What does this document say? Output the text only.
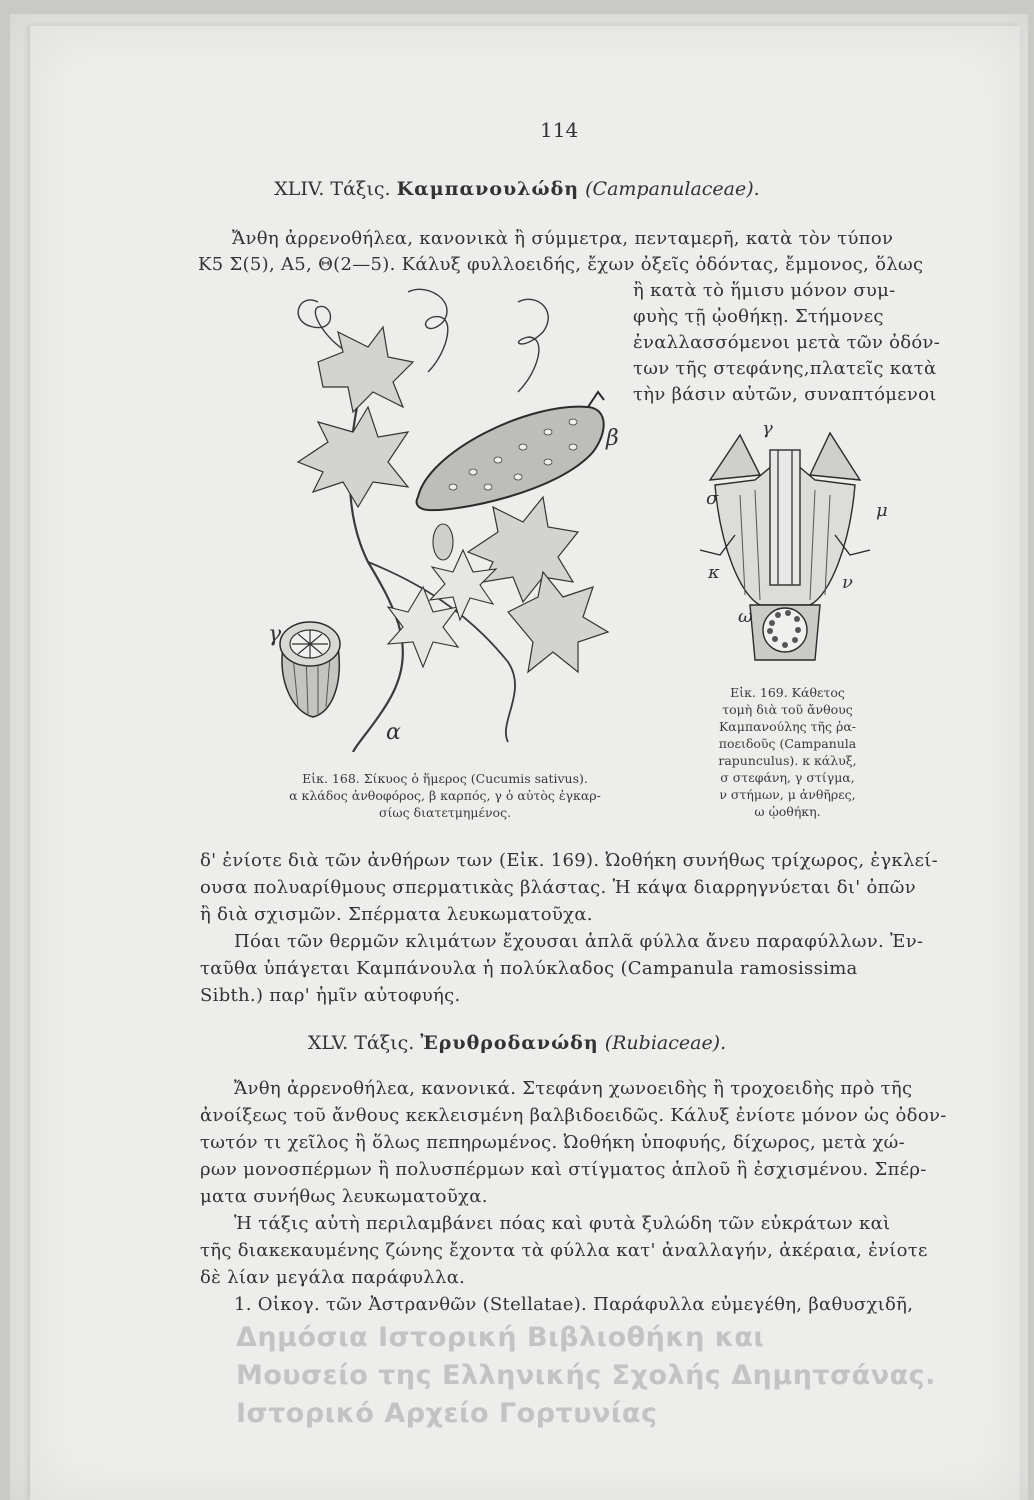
114
XLIV. Τάξις. Καμπανουλώδη (Campanulaceae).
Ἄνθη ἀρρενοθήλεα, κανονικὰ ἢ σύμμετρα, πενταμερῆ, κατὰ τὸν τύπον
Κ5 Σ(5), Α5, Θ(2—5). Κάλυξ φυλλοειδής, ἔχων ὀξεῖς ὀδόντας, ἔμμονος, ὅλως
ἢ κατὰ τὸ ἥμισυ μόνον συμ-
φυὴς τῇ ᾠοθήκῃ. Στήμονες
ἐναλλασσόμενοι μετὰ τῶν ὀδόν-
των τῆς στεφάνης,πλατεῖς κατὰ
τὴν βάσιν αὐτῶν, συναπτόμενοι
β
γ
α
Εἰκ. 168. Σίκυος ὁ ἥμερος (Cucumis sativus).
α κλάδος ἀνθοφόρος, β καρπός, γ ὁ αὐτὸς ἐγκαρ-
σίως διατετμημένος.
γ
σ
μ
κ	ν
ω
Εἰκ. 169. Κάθετος
τομὴ διὰ τοῦ ἄνθους
Καμπανούλης τῆς ῥα-
ποειδοῦς (Campanula
rapunculus). κ κάλυξ,
σ στεφάνη, γ στίγμα,
ν στήμων, μ ἀνθῆρες,
ω ᾠοθήκη.
δ' ἐνίοτε διὰ τῶν ἀνθήρων των (Εἰκ. 169). Ὠοθήκη συνήθως τρίχωρος, ἐγκλεί-
ουσα πολυαρίθμους σπερματικὰς βλάστας. Ἡ κάψα διαρρηγνύεται δι' ὀπῶν
ἢ διὰ σχισμῶν. Σπέρματα λευκωματοῦχα.
Πόαι τῶν θερμῶν κλιμάτων ἔχουσαι ἁπλᾶ φύλλα ἄνευ παραφύλλων. Ἐν-
ταῦθα ὑπάγεται Καμπάνουλα ἡ πολύκλαδος (Campanula ramosissima
Sibth.) παρ' ἡμῖν αὐτοφυής.
XLV. Τάξις. Ἐρυθροδανώδη (Rubiaceae).
Ἄνθη ἀρρενοθήλεα, κανονικά. Στεφάνη χωνοειδὴς ἢ τροχοειδὴς πρὸ τῆς
ἀνοίξεως τοῦ ἄνθους κεκλεισμένη βαλβιδοειδῶς. Κάλυξ ἐνίοτε μόνον ὡς ὀδον-
τωτόν τι χεῖλος ἢ ὅλως πεπηρωμένος. Ὠοθήκη ὑποφυής, δίχωρος, μετὰ χώ-
ρων μονοσπέρμων ἢ πολυσπέρμων καὶ στίγματος ἁπλοῦ ἢ ἐσχισμένου. Σπέρ-
ματα συνήθως λευκωματοῦχα.
Ἡ τάξις αὐτὴ περιλαμβάνει πόας καὶ φυτὰ ξυλώδη τῶν εὐκράτων καὶ
τῆς διακεκαυμένης ζώνης ἔχοντα τὰ φύλλα κατ' ἀναλλαγήν, ἀκέραια, ἐνίοτε
δὲ λίαν μεγάλα παράφυλλα.
1. Οἰκογ. τῶν Ἀστρανθῶν (Stellatae). Παράφυλλα εὐμεγέθη, βαθυσχιδῆ,
Δημόσια Ιστορική Βιβλιοθήκη και
Μουσείο της Ελληνικής Σχολής Δημητσάνας.
Ιστορικό Αρχείο Γορτυνίας
